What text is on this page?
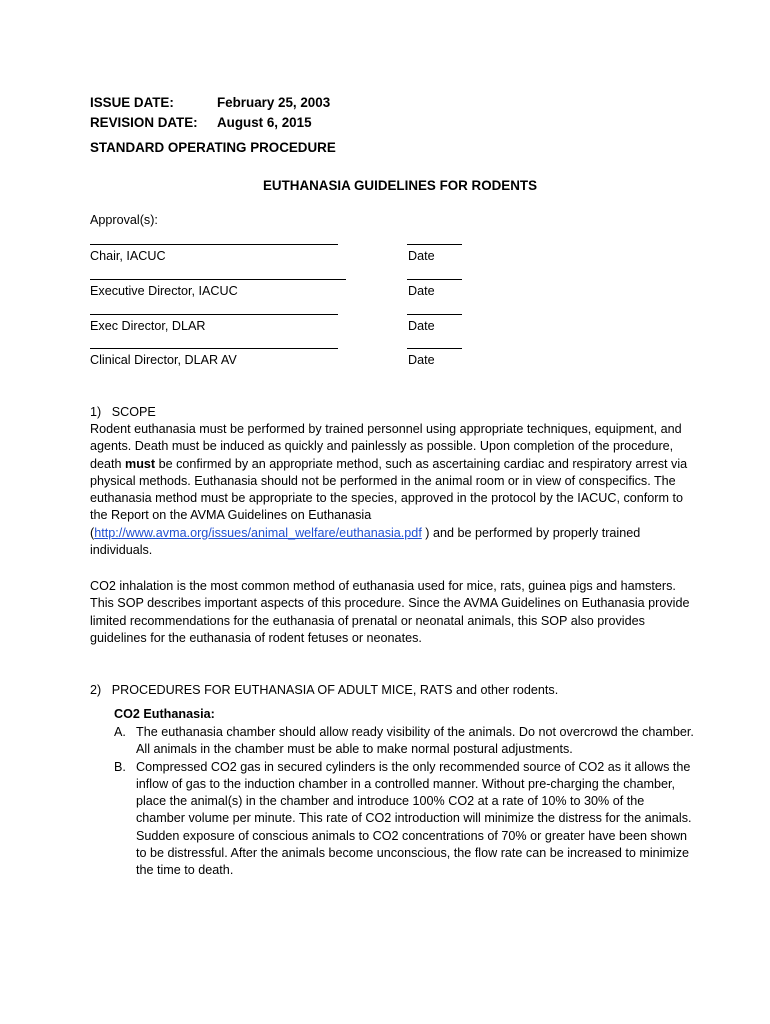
ISSUE DATE:	February 25, 2003
REVISION DATE: August 6, 2015
STANDARD OPERATING PROCEDURE
EUTHANASIA GUIDELINES FOR RODENTS
Approval(s):
Chair, IACUC	Date
Executive Director, IACUC	Date
Exec Director, DLAR	Date
Clinical Director, DLAR AV	Date
1)   SCOPE
Rodent euthanasia must be performed by trained personnel using appropriate techniques, equipment, and agents. Death must be induced as quickly and painlessly as possible. Upon completion of the procedure, death must be confirmed by an appropriate method, such as ascertaining cardiac and respiratory arrest via physical methods. Euthanasia should not be performed in the animal room or in view of conspecifics. The euthanasia method must be appropriate to the species, approved in the protocol by the IACUC, conform to the Report on the AVMA Guidelines on Euthanasia (http://www.avma.org/issues/animal_welfare/euthanasia.pdf ) and be performed by properly trained individuals.
CO2 inhalation is the most common method of euthanasia used for mice, rats, guinea pigs and hamsters. This SOP describes important aspects of this procedure. Since the AVMA Guidelines on Euthanasia provide limited recommendations for the euthanasia of prenatal or neonatal animals, this SOP also provides guidelines for the euthanasia of rodent fetuses or neonates.
2)   PROCEDURES FOR EUTHANASIA OF ADULT MICE, RATS and other rodents.
CO2 Euthanasia:
A. The euthanasia chamber should allow ready visibility of the animals. Do not overcrowd the chamber. All animals in the chamber must be able to make normal postural adjustments.
B. Compressed CO2 gas in secured cylinders is the only recommended source of CO2 as it allows the inflow of gas to the induction chamber in a controlled manner. Without pre-charging the chamber, place the animal(s) in the chamber and introduce 100% CO2 at a rate of 10% to 30% of the chamber volume per minute. This rate of CO2 introduction will minimize the distress for the animals. Sudden exposure of conscious animals to CO2 concentrations of 70% or greater have been shown to be distressful. After the animals become unconscious, the flow rate can be increased to minimize the time to death.
